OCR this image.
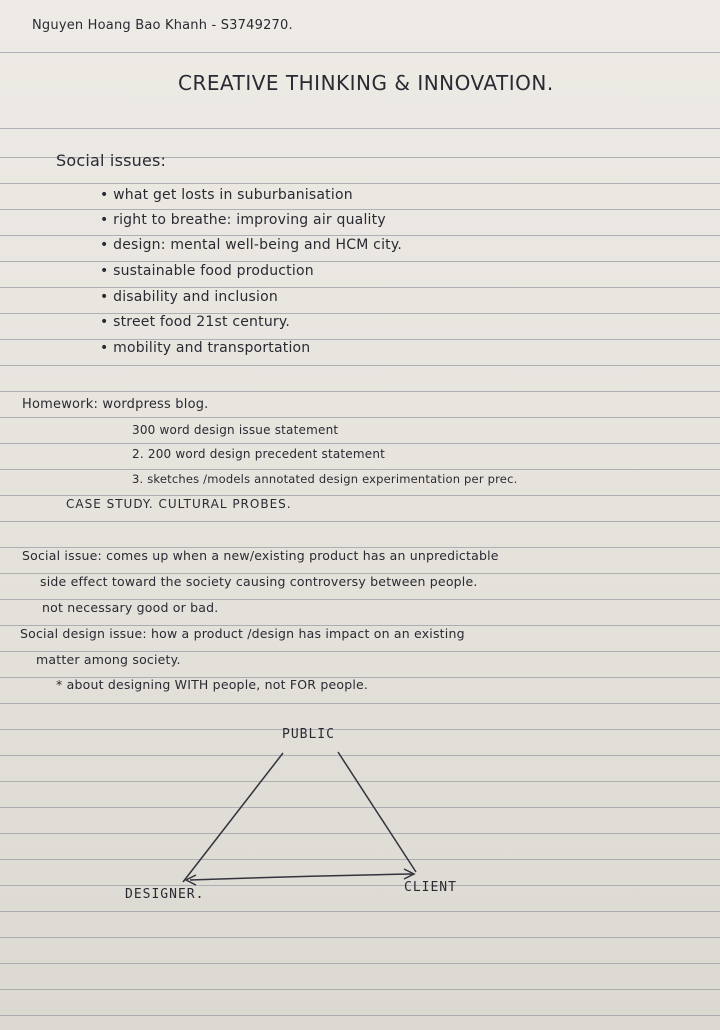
Nguyen Hoang Bao Khanh - S3749270.
CREATIVE THINKING & INNOVATION.
Social issues:
• what get losts in suburbanisation
• right to breathe: improving air quality
• design: mental well-being and HCM city.
• sustainable food production
• disability and inclusion
• street food 21st century.
• mobility and transportation
Homework: wordpress blog.
300 word design issue statement
2. 200 word design precedent statement
3. sketches /models annotated design experimentation per prec.
CASE STUDY. CULTURAL PROBES.
Social issue: comes up when a new/existing product has an unpredictable
side effect toward the society causing controversy between people.
not necessary good or bad.
Social design issue: how a product /design has impact on an existing
matter among society.
* about designing WITH people, not FOR people.
PUBLIC
DESIGNER.	CLIENT
